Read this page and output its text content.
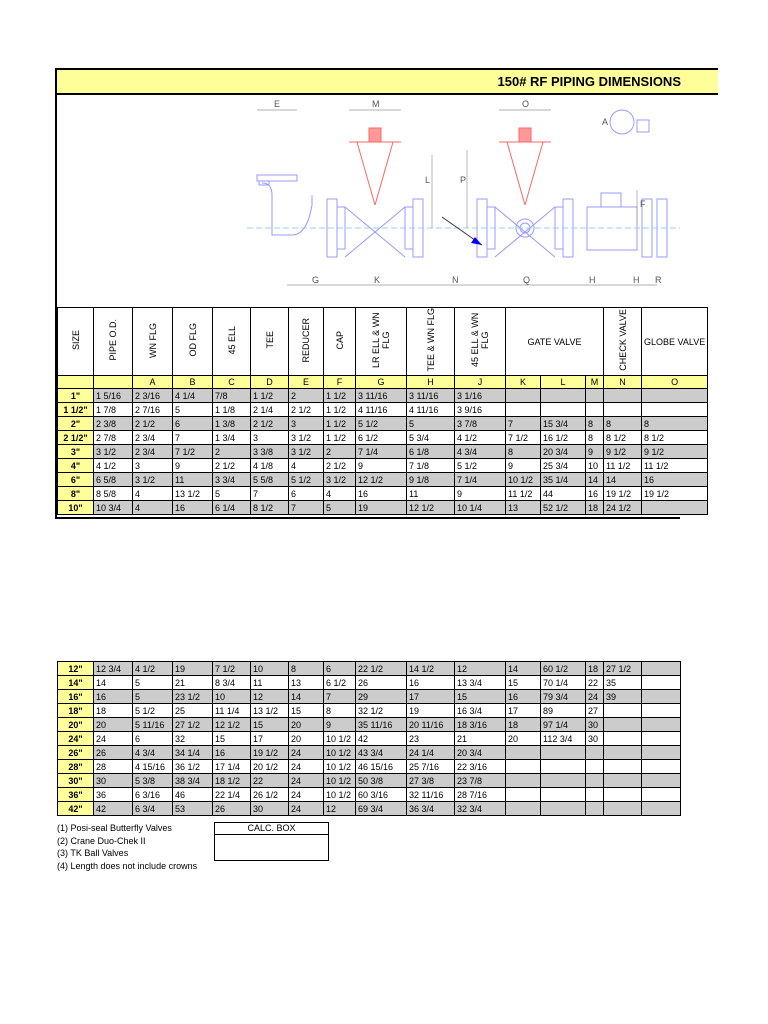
150# RF PIPING DIMENSIONS
E	M	O
A
L	P
F
G	K	N	Q	H	H R
SIZE	PIPE O.D.	WN FLG	OD FLG	45 ELL	TEE	REDUCER	CAP	LR ELL & WN FLG	TEE & WN FLG	45 ELL & WN FLG	GATE VALVE			CHECK VALVE	GLOBE VALVE
		A	B	C	D	E	F	G	H	J	K	L	M	N	O
1"	1 5/16	2 3/16	4 1/4	7/8	1 1/2	2	1 1/2	3 11/16	3 11/16	3 1/16					
1 1/2"	1 7/8	2 7/16	5	1 1/8	2 1/4	2 1/2	1 1/2	4 11/16	4 11/16	3 9/16					
2"	2 3/8	2 1/2	6	1 3/8	2 1/2	3	1 1/2	5 1/2	5	3 7/8	7	15 3/4	8	8	8
2 1/2"	2 7/8	2 3/4	7	1 3/4	3	3 1/2	1 1/2	6 1/2	5 3/4	4 1/2	7 1/2	16 1/2	8	8 1/2	8 1/2
3"	3 1/2	2 3/4	7 1/2	2	3 3/8	3 1/2	2	7 1/4	6 1/8	4 3/4	8	20 3/4	9	9 1/2	9 1/2
4"	4 1/2	3	9	2 1/2	4 1/8	4	2 1/2	9	7 1/8	5 1/2	9	25 3/4	10	11 1/2	11 1/2
6"	6 5/8	3 1/2	11	3 3/4	5 5/8	5 1/2	3 1/2	12 1/2	9 1/8	7 1/4	10 1/2	35 1/4	14	14	16
8"	8 5/8	4	13 1/2	5	7	6	4	16	11	9	11 1/2	44	16	19 1/2	19 1/2
10"	10 3/4	4	16	6 1/4	8 1/2	7	5	19	12 1/2	10 1/4	13	52 1/2	18	24 1/2	
12"	12 3/4	4 1/2	19	7 1/2	10	8	6	22 1/2	14 1/2	12	14	60 1/2	18	27 1/2	
14"	14	5	21	8 3/4	11	13	6 1/2	26	16	13 3/4	15	70 1/4	22	35	
16"	16	5	23 1/2	10	12	14	7	29	17	15	16	79 3/4	24	39	
18"	18	5 1/2	25	11 1/4	13 1/2	15	8	32 1/2	19	16 3/4	17	89	27		
20"	20	5 11/16	27 1/2	12 1/2	15	20	9	35 11/16	20 11/16	18 3/16	18	97 1/4	30		
24"	24	6	32	15	17	20	10 1/2	42	23	21	20	112 3/4	30		
26"	26	4 3/4	34 1/4	16	19 1/2	24	10 1/2	43 3/4	24 1/4	20 3/4					
28"	28	4 15/16	36 1/2	17 1/4	20 1/2	24	10 1/2	46 15/16	25 7/16	22 3/16					
30"	30	5 3/8	38 3/4	18 1/2	22	24	10 1/2	50 3/8	27 3/8	23 7/8					
36"	36	6 3/16	46	22 1/4	26 1/2	24	10 1/2	60 3/16	32 11/16	28 7/16					
42"	42	6 3/4	53	26	30	24	12	69 3/4	36 3/4	32 3/4					
(1) Posi-seal Butterfly Valves
(2) Crane Duo-Chek II
(3) TK Ball Valves
(4) Length does not include crowns
CALC. BOX
